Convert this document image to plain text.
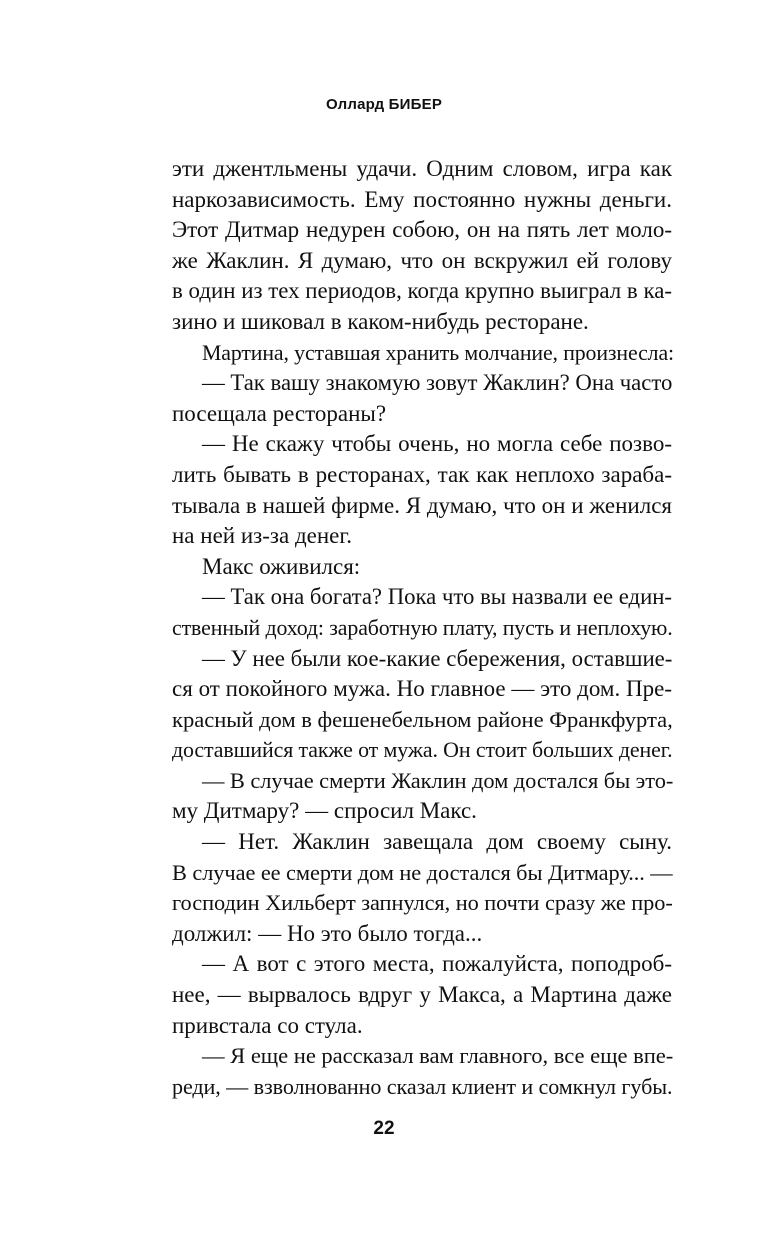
Оллард БИБЕР
эти джентльмены удачи. Одним словом, игра как
наркозависимость. Ему постоянно нужны деньги.
Этот Дитмар недурен собою, он на пять лет моло-
же Жаклин. Я думаю, что он вскружил ей голову
в один из тех периодов, когда крупно выиграл в ка-
зино и шиковал в каком-нибудь ресторане.
Мартина, уставшая хранить молчание, произнесла:
— Так вашу знакомую зовут Жаклин? Она часто
посещала рестораны?
— Не скажу чтобы очень, но могла себе позво-
лить бывать в ресторанах, так как неплохо зараба-
тывала в нашей фирме. Я думаю, что он и женился
на ней из-за денег.
Макс оживился:
— Так она богата? Пока что вы назвали ее един-
ственный доход: заработную плату, пусть и неплохую.
— У нее были кое-какие сбережения, оставшие-
ся от покойного мужа. Но главное — это дом. Пре-
красный дом в фешенебельном районе Франкфурта,
доставшийся также от мужа. Он стоит больших денег.
— В случае смерти Жаклин дом достался бы это-
му Дитмару? — спросил Макс.
— Нет. Жаклин завещала дом своему сыну.
В случае ее смерти дом не достался бы Дитмару... —
господин Хильберт запнулся, но почти сразу же про-
должил: — Но это было тогда...
— А вот с этого места, пожалуйста, поподроб-
нее, — вырвалось вдруг у Макса, а Мартина даже
привстала со стула.
— Я еще не рассказал вам главного, все еще впе-
реди, — взволнованно сказал клиент и сомкнул губы.
22
